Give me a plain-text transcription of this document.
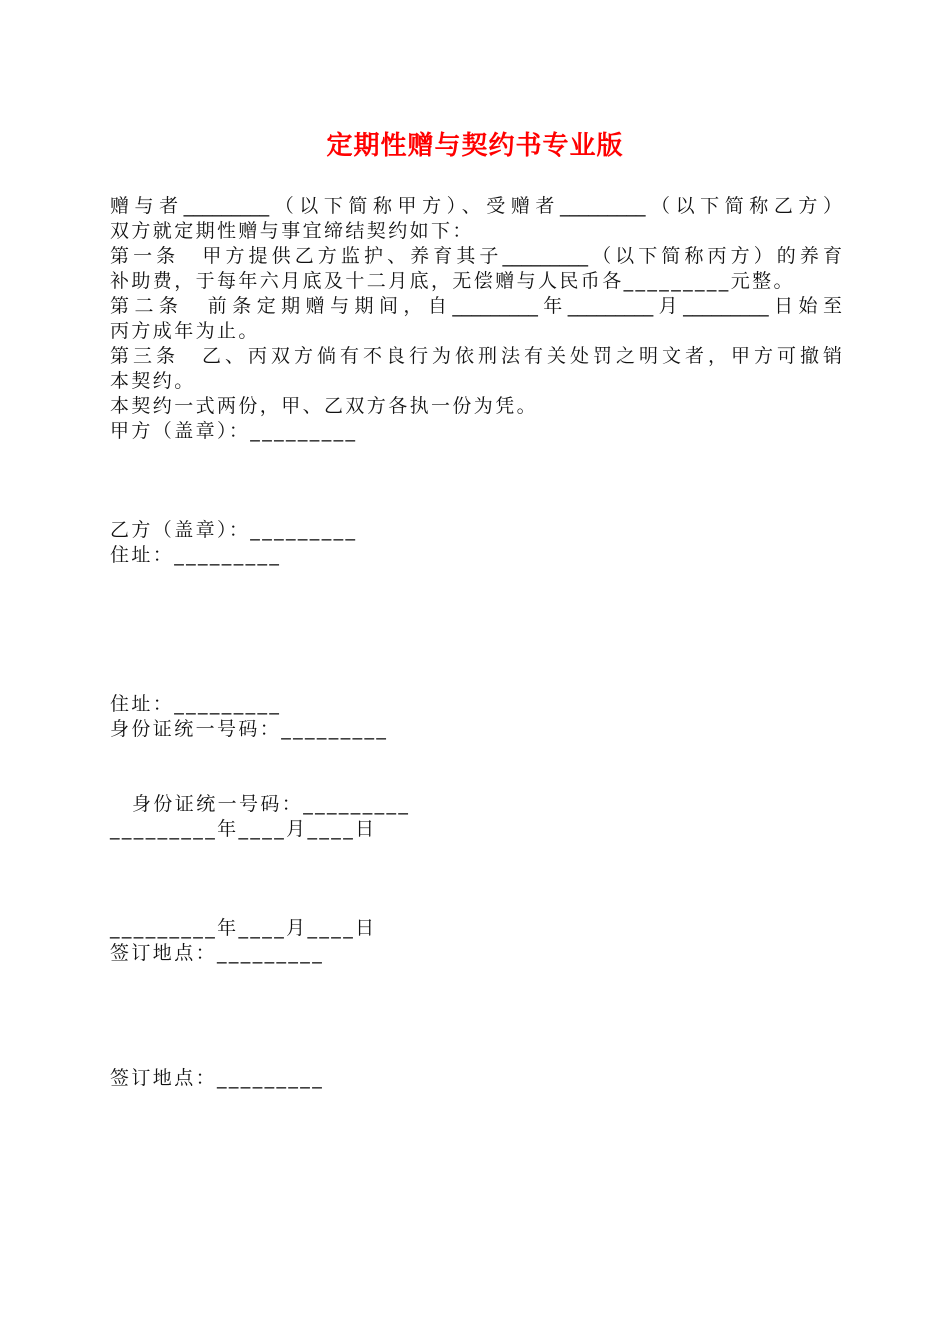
定期性赠与契约书专业版
赠与者_________（以下简称甲方）、受赠者_________（以下简称乙方）
双方就定期性赠与事宜缔结契约如下：
第一条　甲方提供乙方监护、养育其子_________（以下简称丙方）的养育
补助费，于每年六月底及十二月底，无偿赠与人民币各_________元整。
第二条　前条定期赠与期间，自_________年_________月_________日始至
丙方成年为止。
第三条　乙、丙双方倘有不良行为依刑法有关处罚之明文者，甲方可撤销
本契约。
本契约一式两份，甲、乙双方各执一份为凭。
甲方（盖章）：_________
乙方（盖章）：_________
住址：_________
住址：_________
身份证统一号码：_________
身份证统一号码：_________
_________年____月____日
_________年____月____日
签订地点：_________
签订地点：_________
